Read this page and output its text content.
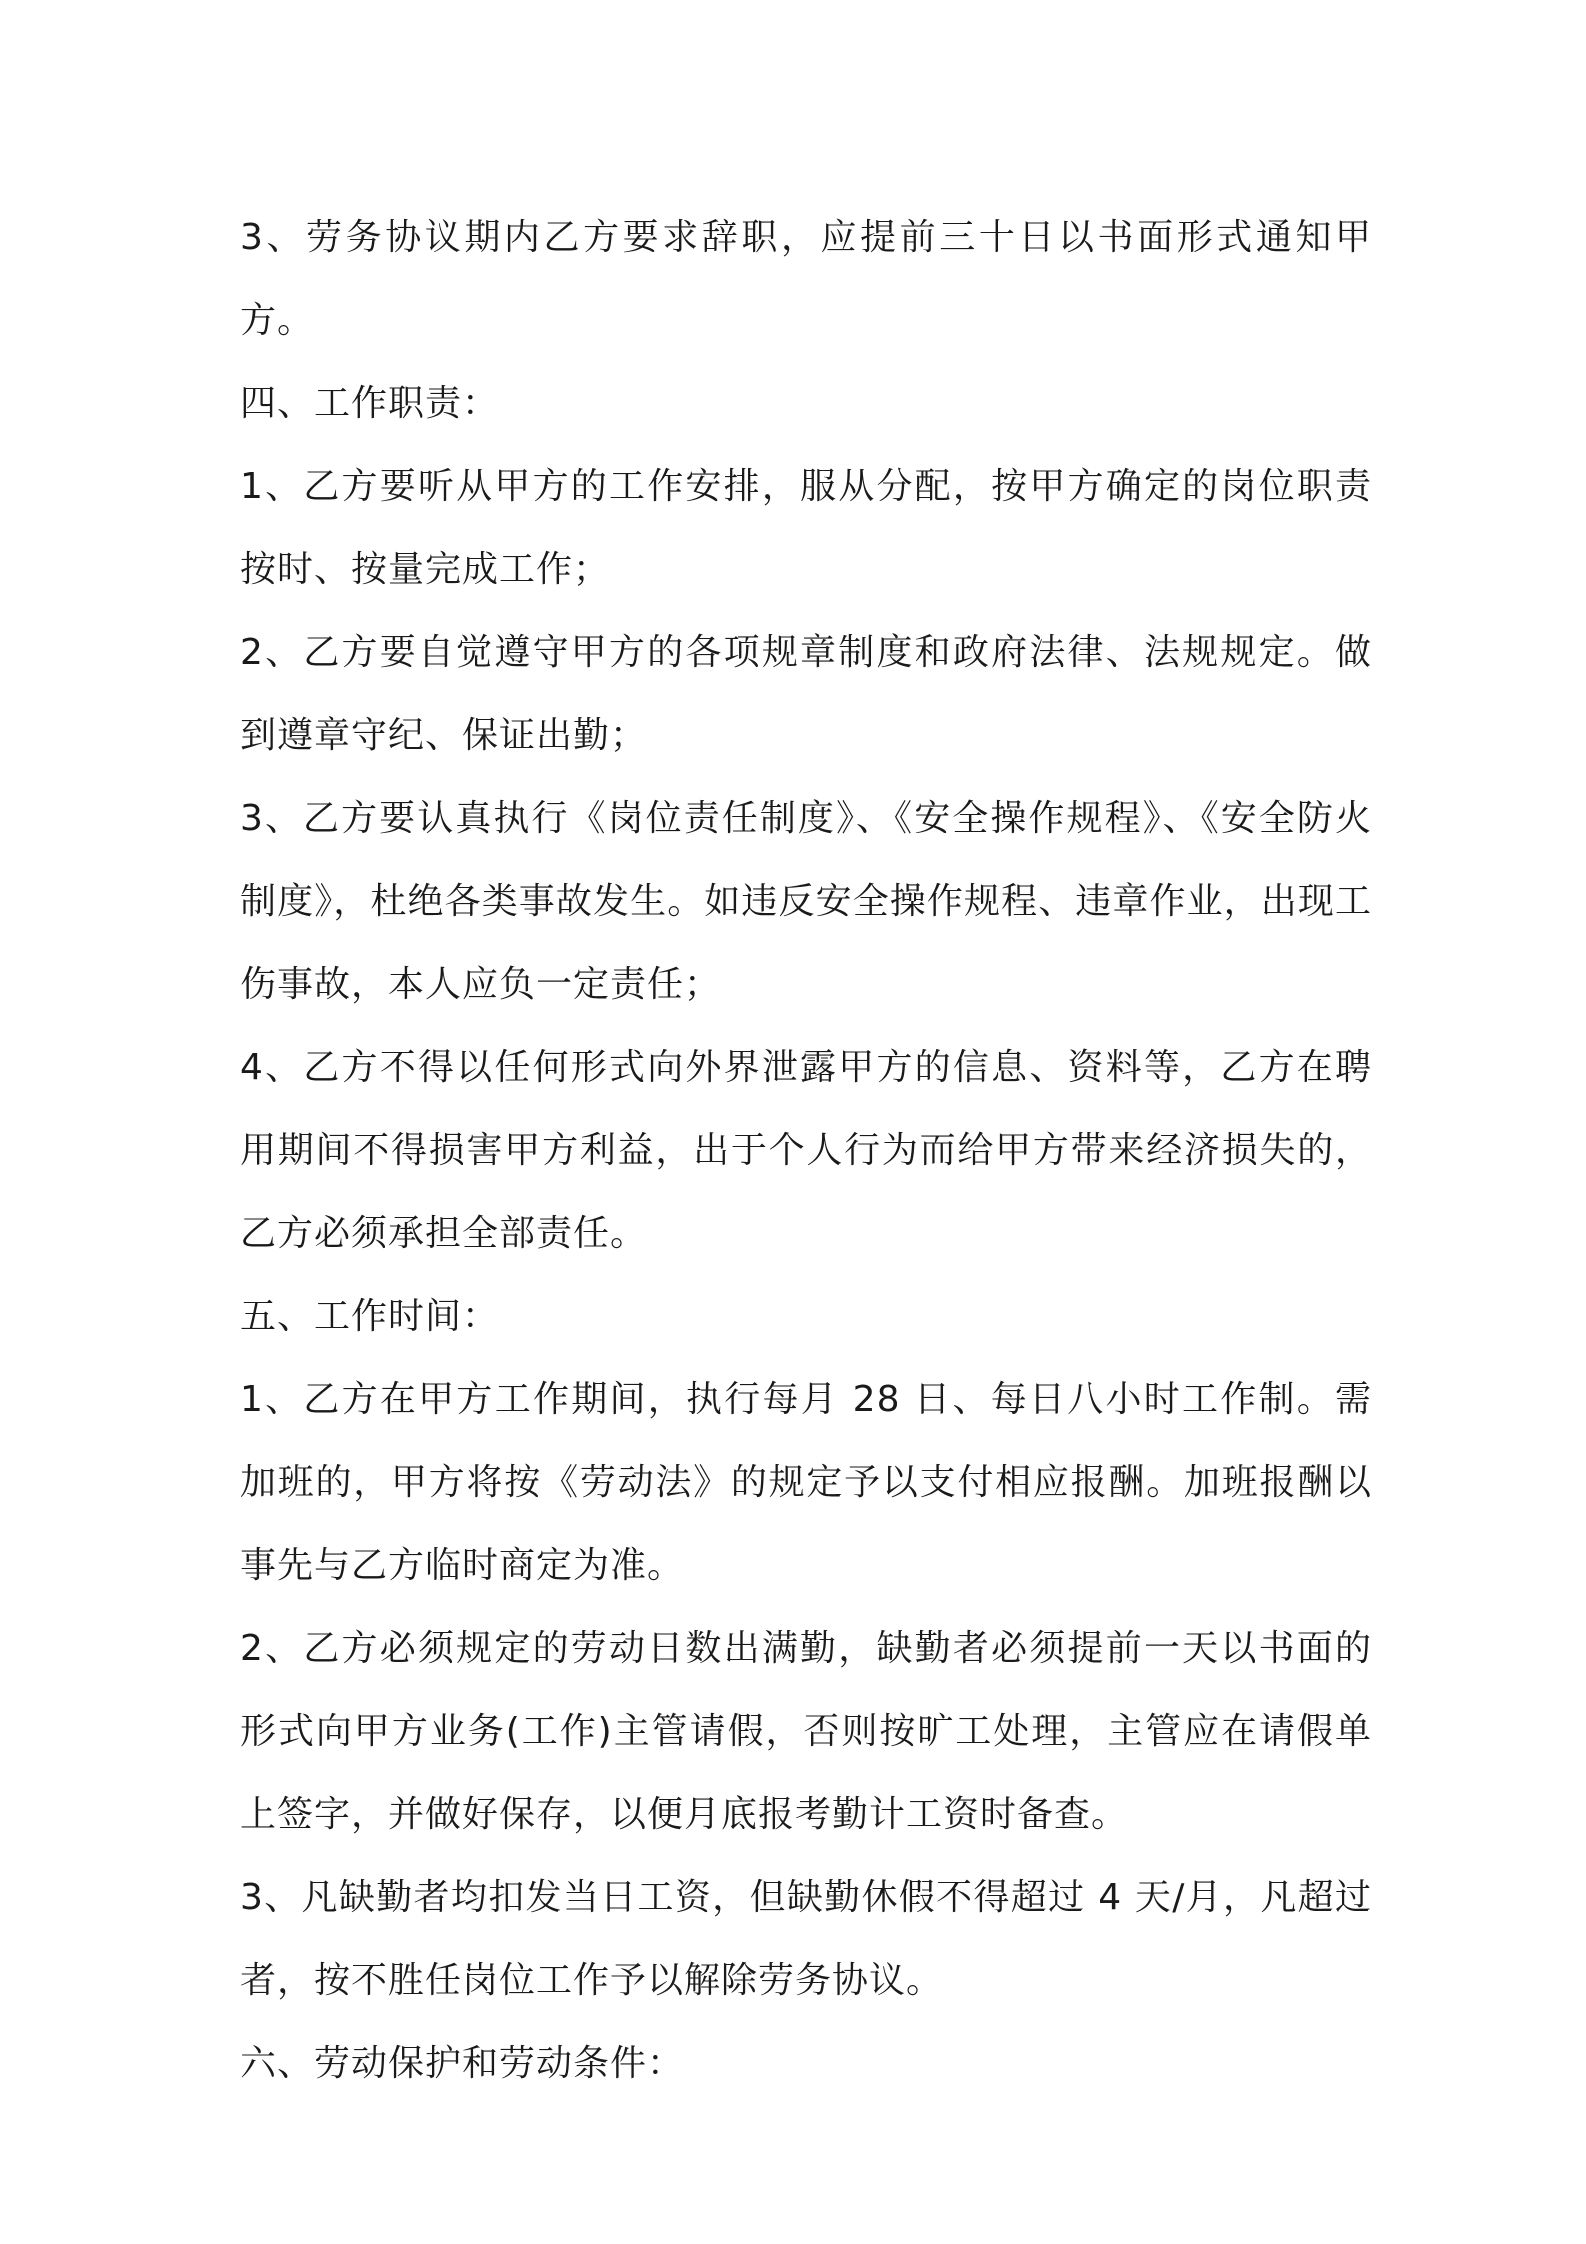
3、劳务协议期内乙方要求辞职，应提前三十日以书面形式通知甲方。

四、工作职责：

1、乙方要听从甲方的工作安排，服从分配，按甲方确定的岗位职责按时、按量完成工作；

2、乙方要自觉遵守甲方的各项规章制度和政府法律、法规规定。做到遵章守纪、保证出勤；

3、乙方要认真执行《岗位责任制度》、《安全操作规程》、《安全防火制度》，杜绝各类事故发生。如违反安全操作规程、违章作业，出现工伤事故，本人应负一定责任；

4、乙方不得以任何形式向外界泄露甲方的信息、资料等，乙方在聘用期间不得损害甲方利益，出于个人行为而给甲方带来经济损失的，乙方必须承担全部责任。

五、工作时间：

1、乙方在甲方工作期间，执行每月 28 日、每日八小时工作制。需加班的，甲方将按《劳动法》的规定予以支付相应报酬。加班报酬以事先与乙方临时商定为准。

2、乙方必须规定的劳动日数出满勤，缺勤者必须提前一天以书面的形式向甲方业务(工作)主管请假，否则按旷工处理，主管应在请假单上签字，并做好保存，以便月底报考勤计工资时备查。

3、凡缺勤者均扣发当日工资，但缺勤休假不得超过 4 天/月，凡超过者，按不胜任岗位工作予以解除劳务协议。

六、劳动保护和劳动条件：
